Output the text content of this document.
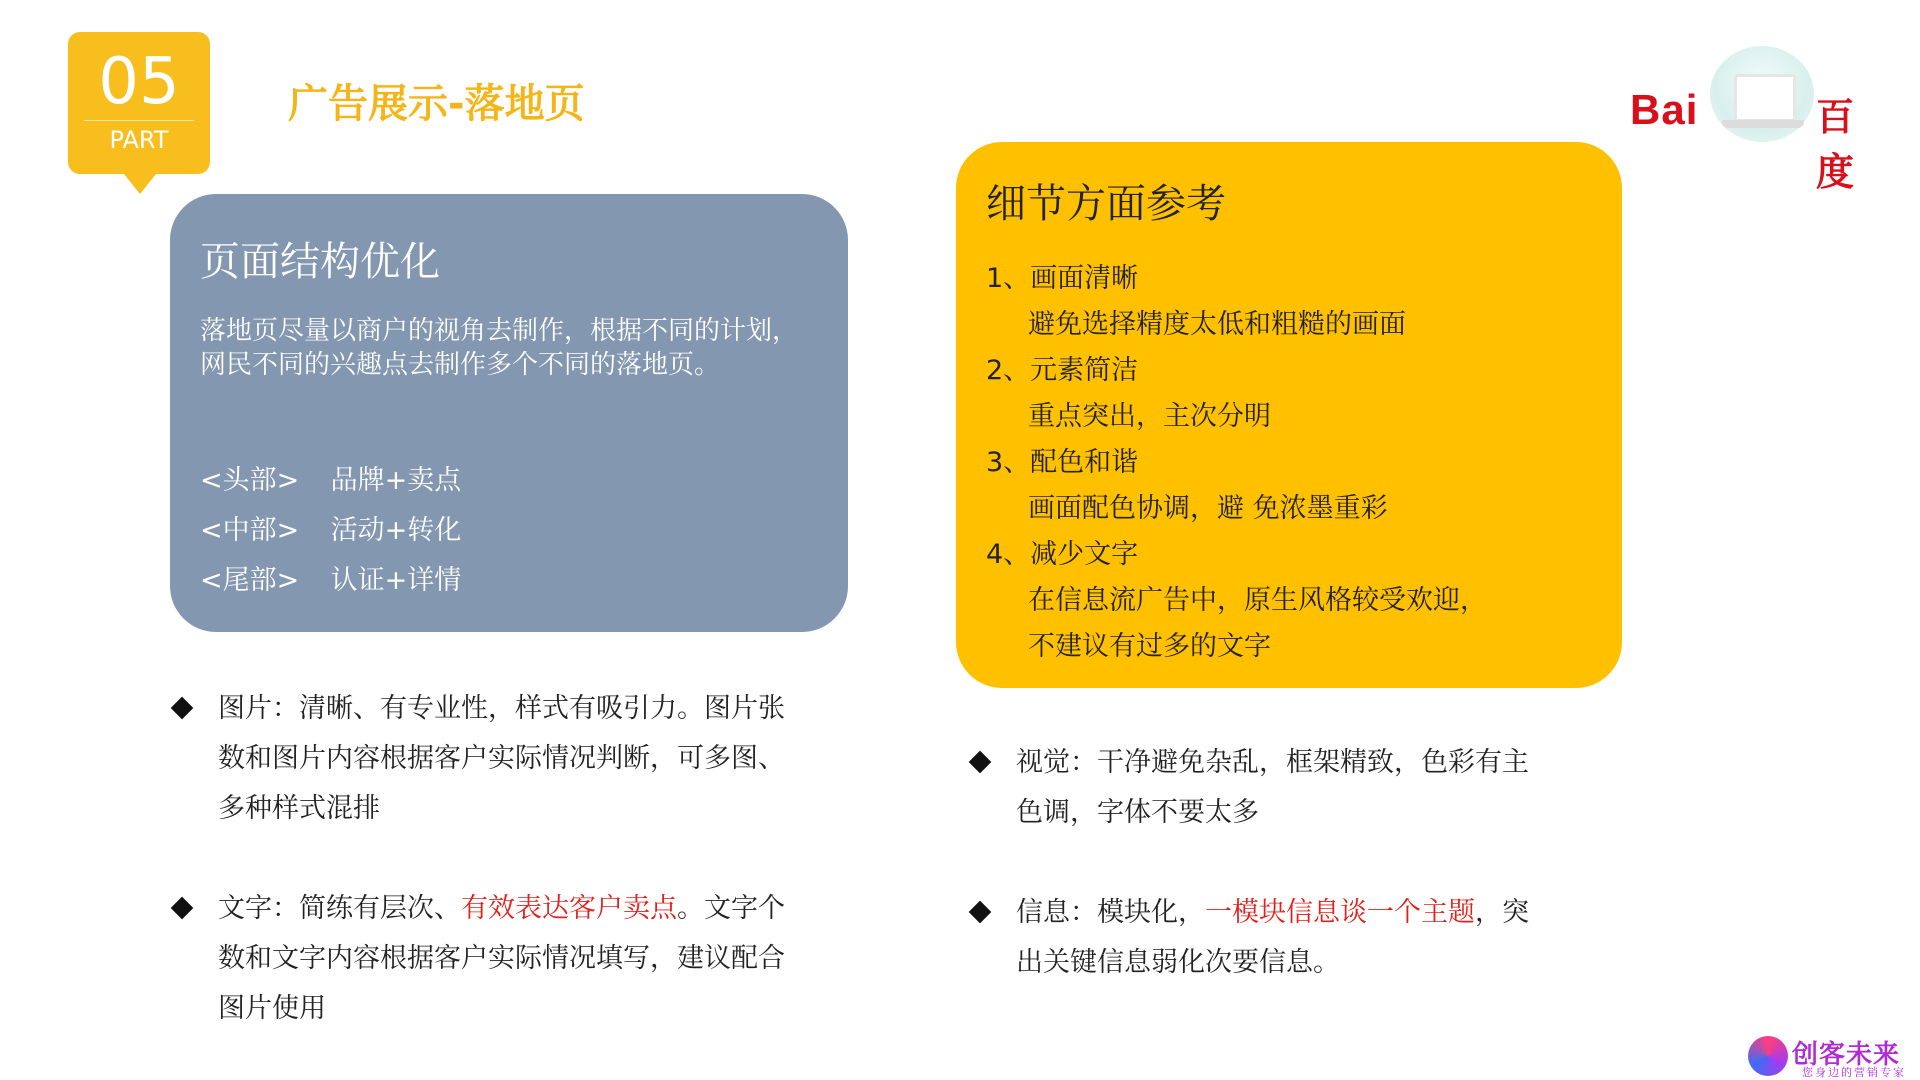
05
PART
广告展示-落地页	Bai	百度
页面结构优化
落地页尽量以商户的视角去制作，根据不同的计划，
网民不同的兴趣点去制作多个不同的落地页。
<头部> 品牌+卖点
<中部> 活动+转化
<尾部> 认证+详情
细节方面参考
1、画面清晰
避免选择精度太低和粗糙的画面
2、元素简洁
重点突出，主次分明
3、配色和谐
画面配色协调，避 免浓墨重彩
4、减少文字
在信息流广告中，原生风格较受欢迎，
不建议有过多的文字
图片：清晰、有专业性，样式有吸引力。图片张
数和图片内容根据客户实际情况判断，可多图、
多种样式混排
文字：简练有层次、有效表达客户卖点。文字个
数和文字内容根据客户实际情况填写，建议配合
图片使用
视觉：干净避免杂乱，框架精致，色彩有主
色调，字体不要太多
信息：模块化，一模块信息谈一个主题，突
出关键信息弱化次要信息。
创客未来
您身边的营销专家
